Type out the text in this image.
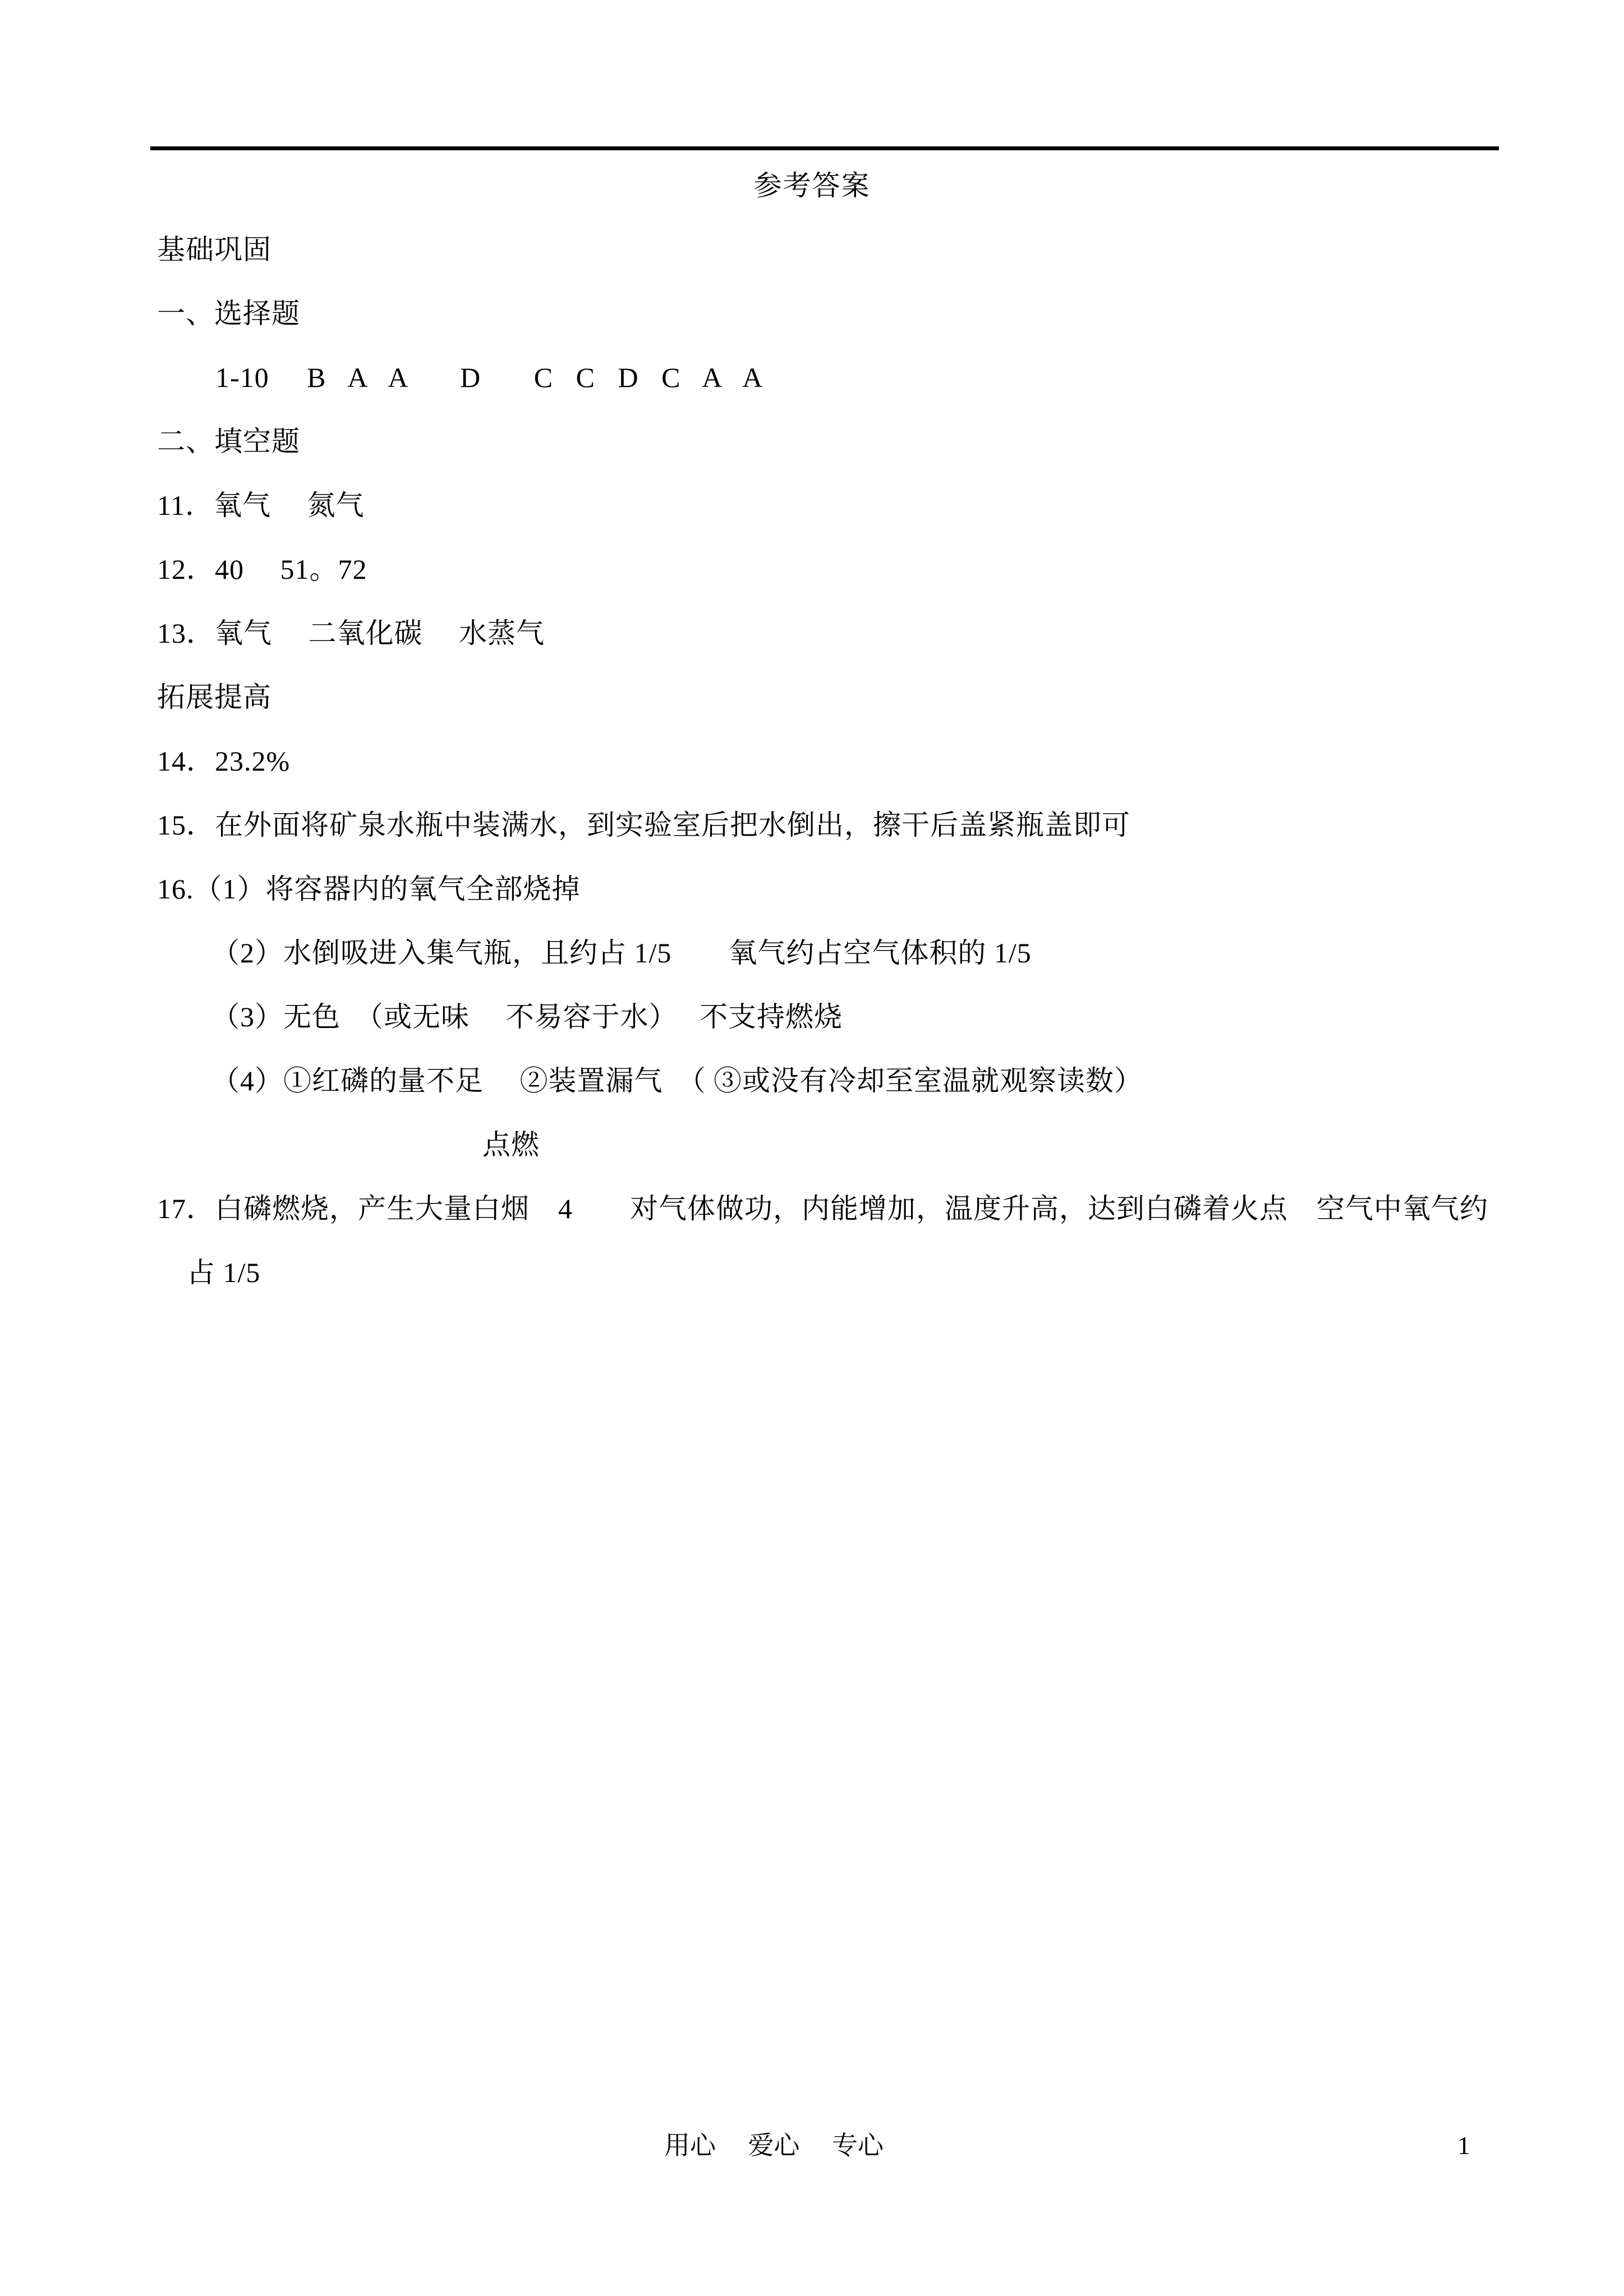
参考答案
基础巩固
一、选择题
1-10     B   A   A       D       C   C   D   C   A   A
二、填空题
11．氧气　 氮气
12．40　 51。72
13．氧气　 二氧化碳　 水蒸气
拓展提高
14．23.2%
15．在外面将矿泉水瓶中装满水，到实验室后把水倒出，擦干后盖紧瓶盖即可
16.（1）将容器内的氧气全部烧掉
（2）水倒吸进入集气瓶，且约占 1/5　　氧气约占空气体积的 1/5
（3）无色　（或无味　 不易容于水）　 不支持燃烧
（4）①红磷的量不足　 ②装置漏气　（ ③或没有冷却至室温就观察读数）
点燃
17．白磷燃烧，产生大量白烟　4　　对气体做功，内能增加，温度升高，达到白磷着火点　空气中氧气约
占 1/5
用心　 爱心　 专心	1
